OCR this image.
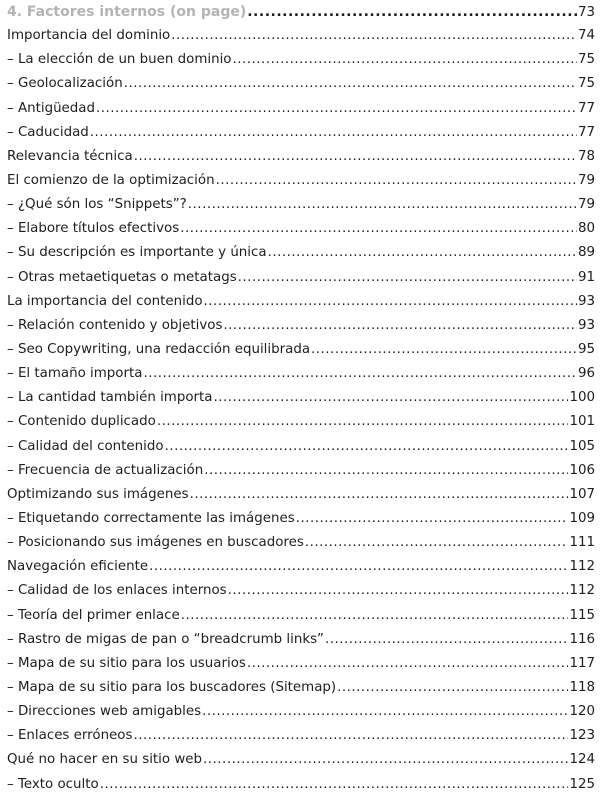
4. Factores internos (on page) .....	73
Importancia del dominio .....	74
– La elección de un buen dominio .....	75
– Geolocalización .....	75
– Antigüedad .....	77
– Caducidad .....	77
Relevancia técnica .....	78
El comienzo de la optimización .....	79
– ¿Qué són los “Snippets”? .....	79
– Elabore títulos efectivos .....	80
– Su descripción es importante y única .....	89
– Otras metaetiquetas o metatags .....	91
La importancia del contenido .....	93
– Relación contenido y objetivos .....	93
– Seo Copywriting, una redacción equilibrada .....	95
– El tamaño importa .....	96
– La cantidad también importa .....	100
– Contenido duplicado .....	101
– Calidad del contenido .....	105
– Frecuencia de actualización .....	106
Optimizando sus imágenes .....	107
– Etiquetando correctamente las imágenes .....	109
– Posicionando sus imágenes en buscadores .....	111
Navegación eficiente .....	112
– Calidad de los enlaces internos .....	112
– Teoría del primer enlace .....	115
– Rastro de migas de pan o “breadcrumb links” .....	116
– Mapa de su sitio para los usuarios .....	117
– Mapa de su sitio para los buscadores (Sitemap) .....	118
– Direcciones web amigables .....	120
– Enlaces erróneos .....	123
Qué no hacer en su sitio web .....	124
– Texto oculto .....	125
